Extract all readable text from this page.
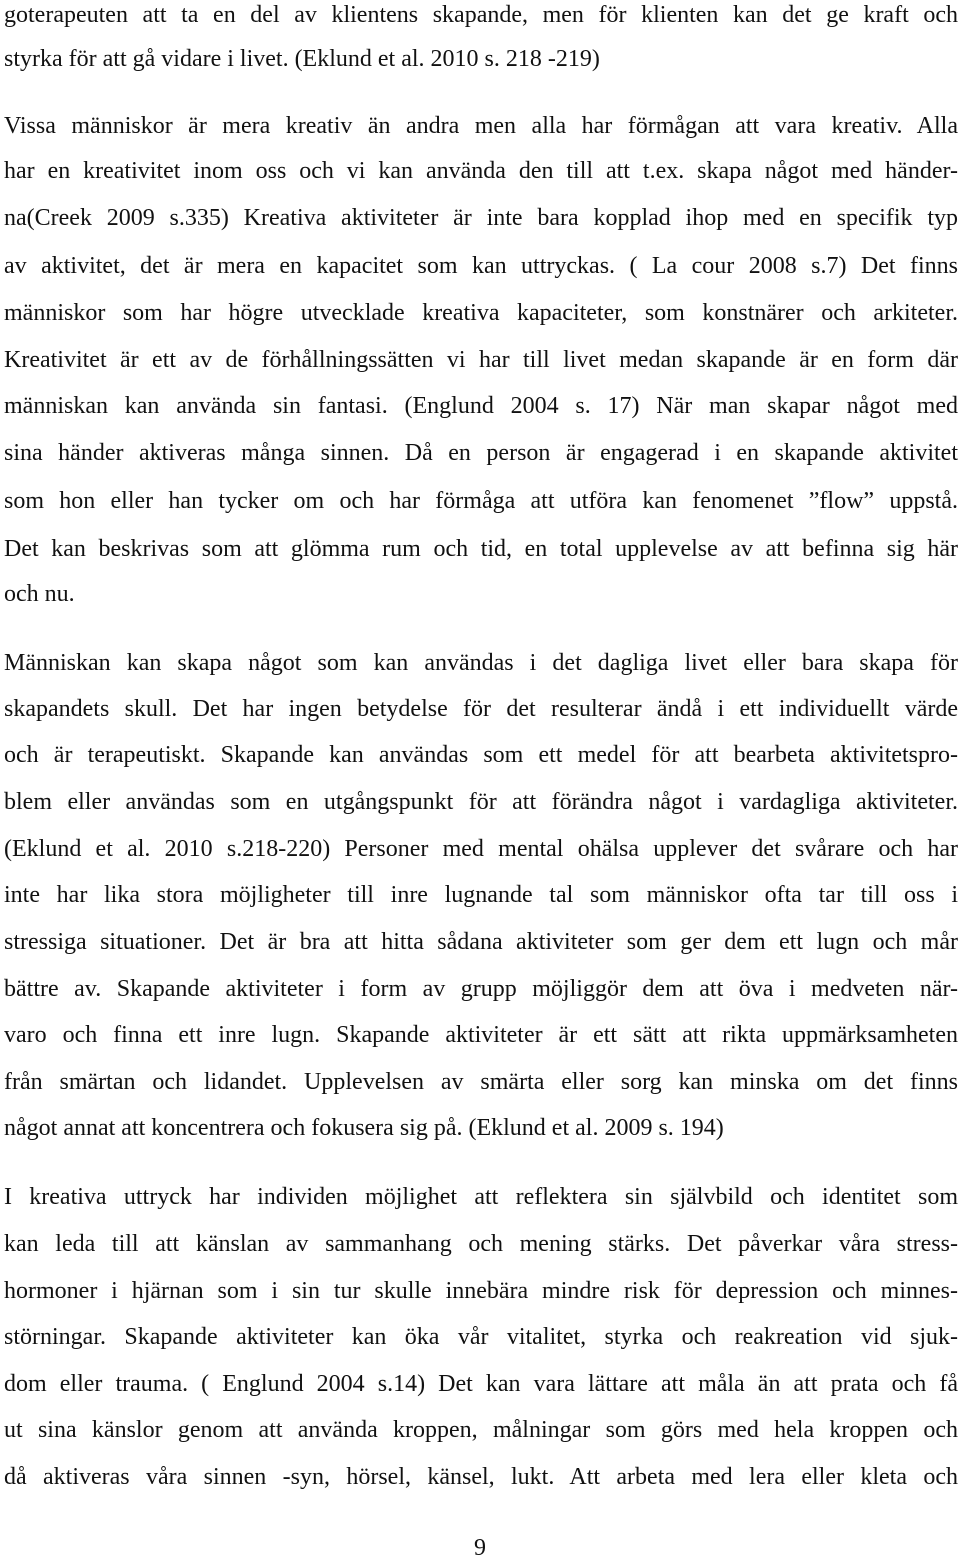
goterapeuten att ta en del av klientens skapande, men för klienten kan det ge kraft och
styrka för att gå vidare i livet. (Eklund et al. 2010 s. 218 -219)
Vissa människor är mera kreativ än andra men alla har förmågan att vara kreativ. Alla
har en kreativitet inom oss och vi kan använda den till att t.ex. skapa något med händer-
na(Creek 2009 s.335) Kreativa aktiviteter är inte bara kopplad ihop med en specifik typ
av aktivitet, det är mera en kapacitet som kan uttryckas. ( La cour 2008 s.7) Det finns
människor som har högre utvecklade kreativa kapaciteter, som konstnärer och arkiteter.
Kreativitet är ett av de förhållningssätten vi har till livet medan skapande är en form där
människan kan använda sin fantasi. (Englund 2004 s. 17) När man skapar något med
sina händer aktiveras många sinnen. Då en person är engagerad i en skapande aktivitet
som hon eller han tycker om och har förmåga att utföra kan fenomenet ”flow” uppstå.
Det kan beskrivas som att glömma rum och tid, en total upplevelse av att befinna sig här
och nu.
Människan kan skapa något som kan användas i det dagliga livet eller bara skapa för
skapandets skull. Det har ingen betydelse för det resulterar ändå i ett individuellt värde
och är terapeutiskt. Skapande kan användas som ett medel för att bearbeta aktivitetspro-
blem eller användas som en utgångspunkt för att förändra något i vardagliga aktiviteter.
(Eklund et al. 2010 s.218-220) Personer med mental ohälsa upplever det svårare och har
inte har lika stora möjligheter till inre lugnande tal som människor ofta tar till oss i
stressiga situationer. Det är bra att hitta sådana aktiviteter som ger dem ett lugn och mår
bättre av. Skapande aktiviteter i form av grupp möjliggör dem att öva i medveten när-
varo och finna ett inre lugn. Skapande aktiviteter är ett sätt att rikta uppmärksamheten
från smärtan och lidandet. Upplevelsen av smärta eller sorg kan minska om det finns
något annat att koncentrera och fokusera sig på. (Eklund et al. 2009 s. 194)
I kreativa uttryck har individen möjlighet att reflektera sin självbild och identitet som
kan leda till att känslan av sammanhang och mening stärks. Det påverkar våra stress-
hormoner i hjärnan som i sin tur skulle innebära mindre risk för depression och minnes-
störningar. Skapande aktiviteter kan öka vår vitalitet, styrka och reakreation vid sjuk-
dom eller trauma. ( Englund 2004 s.14) Det kan vara lättare att måla än att prata och få
ut sina känslor genom att använda kroppen, målningar som görs med hela kroppen och
då aktiveras våra sinnen -syn, hörsel, känsel, lukt. Att arbeta med lera eller kleta och
9
